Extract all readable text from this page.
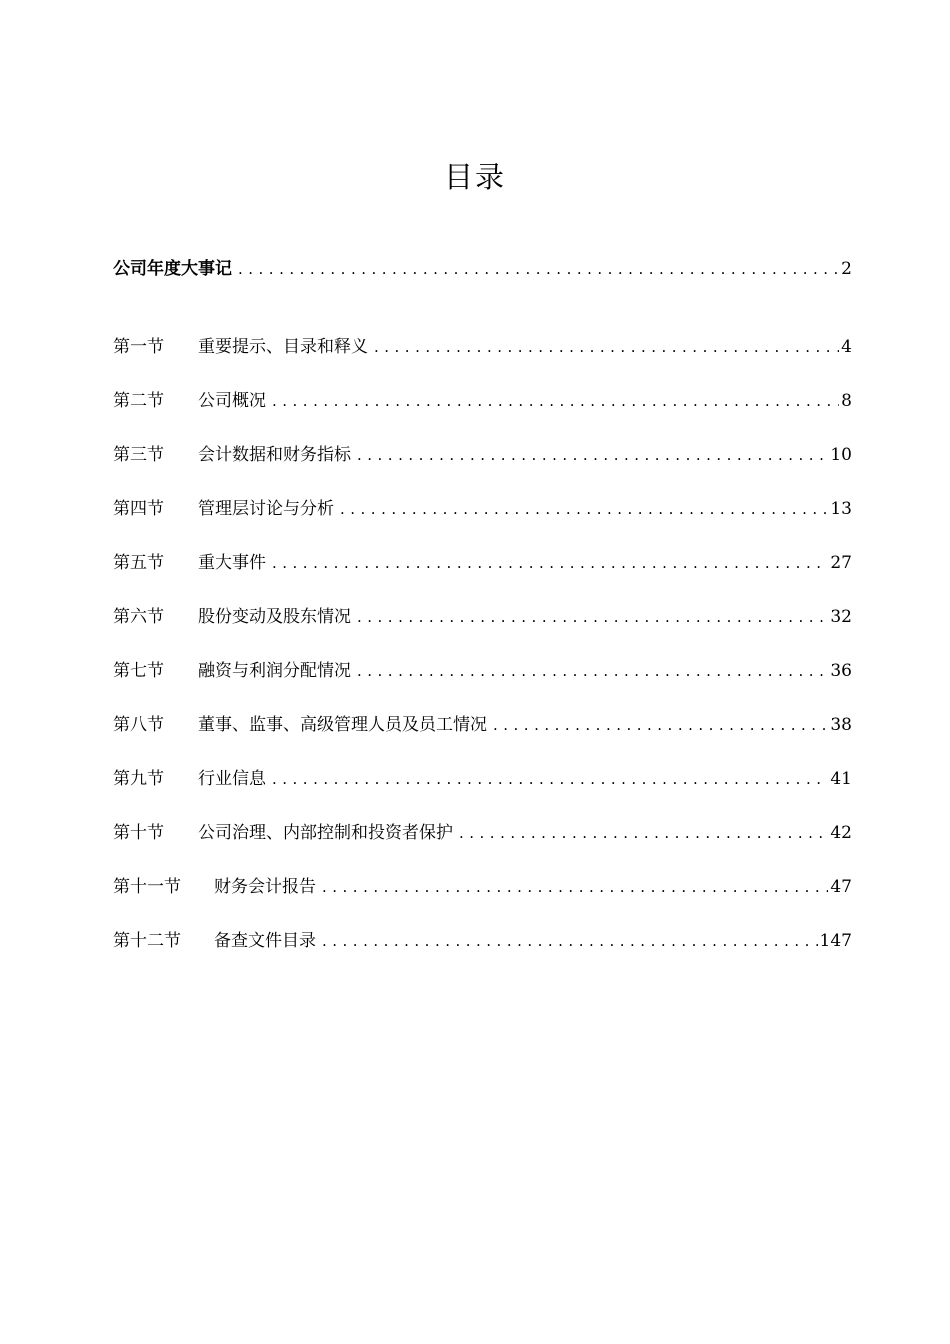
目录
公司年度大事记 .....	2
第一节	重要提示、目录和释义 .....	4
第二节	公司概况 .....	8
第三节	会计数据和财务指标 .....	10
第四节	管理层讨论与分析 .....	13
第五节	重大事件 .....	27
第六节	股份变动及股东情况 .....	32
第七节	融资与利润分配情况 .....	36
第八节	董事、监事、高级管理人员及员工情况 .....	38
第九节	行业信息 .....	41
第十节	公司治理、内部控制和投资者保护 .....	42
第十一节	财务会计报告 .....	47
第十二节	备查文件目录 .....	147
